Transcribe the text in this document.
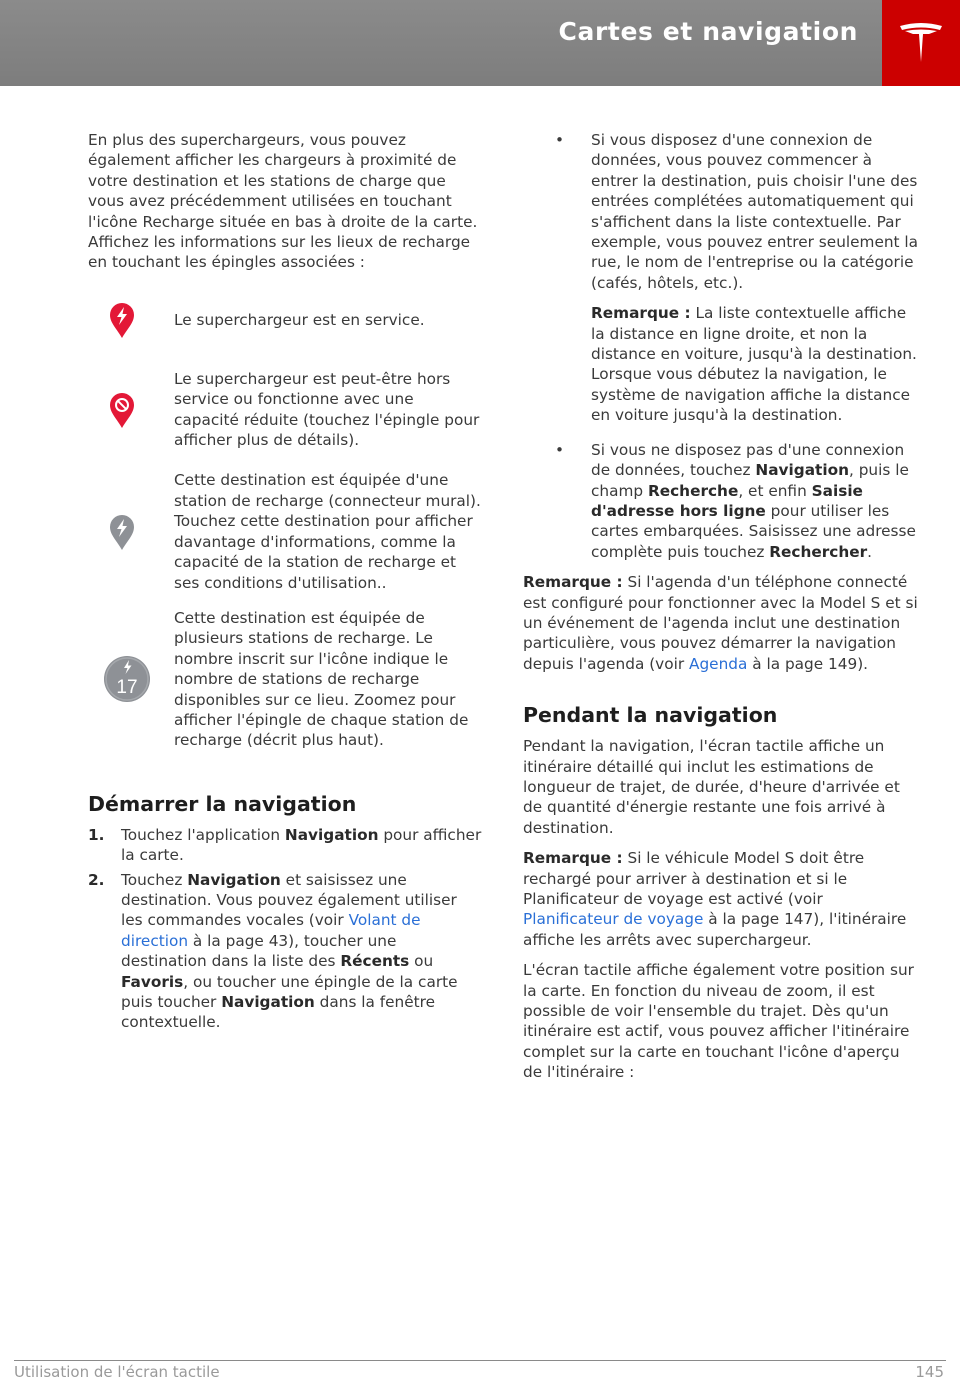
Cartes et navigation

En plus des superchargeurs, vous pouvez également afficher les chargeurs à proximité de votre destination et les stations de charge que vous avez précédemment utilisées en touchant l'icône Recharge située en bas à droite de la carte. Affichez les informations sur les lieux de recharge en touchant les épingles associées :

Le superchargeur est en service.
Le superchargeur est peut-être hors service ou fonctionne avec une capacité réduite (touchez l'épingle pour afficher plus de détails).
Cette destination est équipée d'une station de recharge (connecteur mural). Touchez cette destination pour afficher davantage d'informations, comme la capacité de la station de recharge et ses conditions d'utilisation..
17
Cette destination est équipée de plusieurs stations de recharge. Le nombre inscrit sur l'icône indique le nombre de stations de recharge disponibles sur ce lieu. Zoomez pour afficher l'épingle de chaque station de recharge (décrit plus haut).
Démarrer la navigation
1.	Touchez l'application Navigation pour afficher la carte.
2.	Touchez Navigation et saisissez une destination. Vous pouvez également utiliser les commandes vocales (voir Volant de direction à la page 43), toucher une destination dans la liste des Récents ou Favoris, ou toucher une épingle de la carte puis toucher Navigation dans la fenêtre contextuelle.
•	Si vous disposez d'une connexion de données, vous pouvez commencer à entrer la destination, puis choisir l'une des entrées complétées automatiquement qui s'affichent dans la liste contextuelle. Par exemple, vous pouvez entrer seulement la rue, le nom de l'entreprise ou la catégorie (cafés, hôtels, etc.).

Remarque : La liste contextuelle affiche la distance en ligne droite, et non la distance en voiture, jusqu'à la destination. Lorsque vous débutez la navigation, le système de navigation affiche la distance en voiture jusqu'à la destination.

•	Si vous ne disposez pas d'une connexion de données, touchez Navigation, puis le champ Recherche, et enfin Saisie d'adresse hors ligne pour utiliser les cartes embarquées. Saisissez une adresse complète puis touchez Rechercher.

Remarque : Si l'agenda d'un téléphone connecté est configuré pour fonctionner avec la Model S et si un événement de l'agenda inclut une destination particulière, vous pouvez démarrer la navigation depuis l'agenda (voir Agenda à la page 149).

Pendant la navigation

Pendant la navigation, l'écran tactile affiche un itinéraire détaillé qui inclut les estimations de longueur de trajet, de durée, d'heure d'arrivée et de quantité d'énergie restante une fois arrivé à destination.

Remarque : Si le véhicule Model S doit être rechargé pour arriver à destination et si le Planificateur de voyage est activé (voir Planificateur de voyage à la page 147), l'itinéraire affiche les arrêts avec superchargeur.

L'écran tactile affiche également votre position sur la carte. En fonction du niveau de zoom, il est possible de voir l'ensemble du trajet. Dès qu'un itinéraire est actif, vous pouvez afficher l'itinéraire complet sur la carte en touchant l'icône d'aperçu de l'itinéraire :

Utilisation de l'écran tactile	145
